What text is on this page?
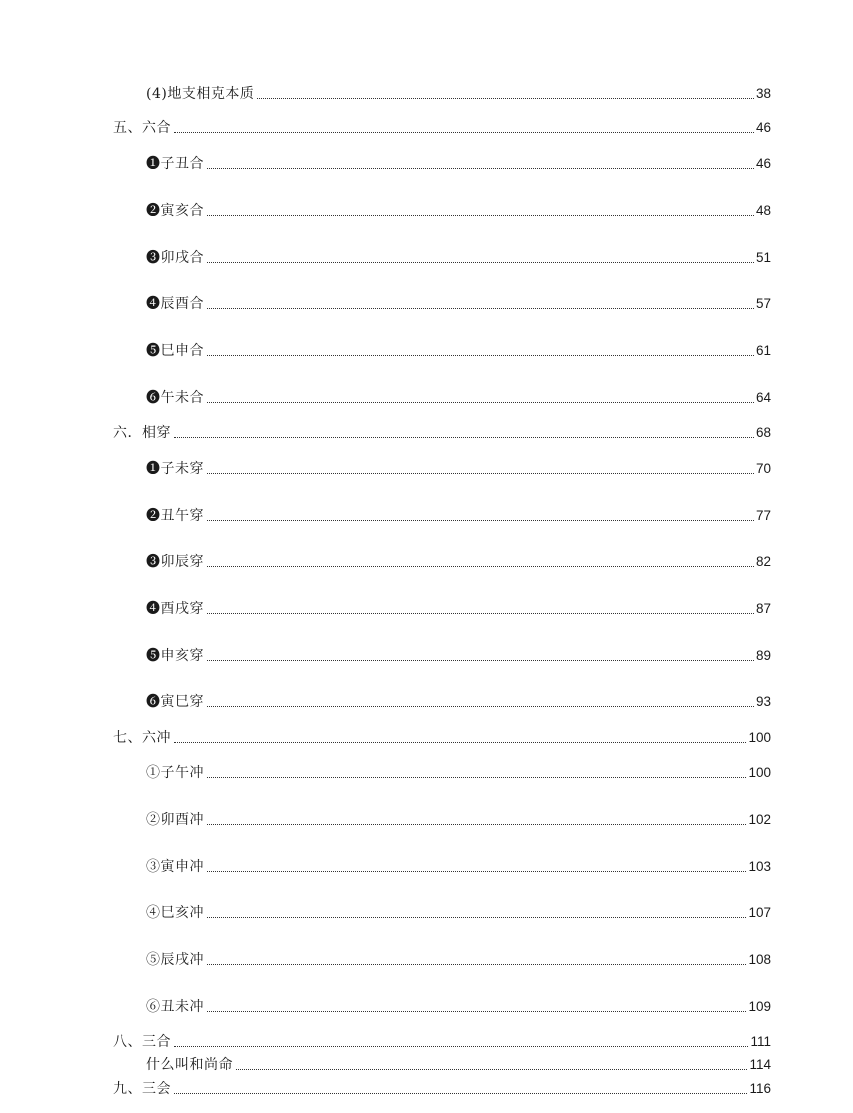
(4)地支相克本质	38
五、六合	46
❶子丑合	46
❷寅亥合	48
❸卯戌合	51
❹辰酉合	57
❺巳申合	61
❻午未合	64
六．相穿	68
❶子未穿	70
❷丑午穿	77
❸卯辰穿	82
❹酉戌穿	87
❺申亥穿	89
❻寅巳穿	93
七、六冲	100
①子午冲	100
②卯酉冲	102
③寅申冲	103
④巳亥冲	107
⑤辰戌冲	108
⑥丑未冲	109
八、三合	111
什么叫和尚命	114
九、三会	116
